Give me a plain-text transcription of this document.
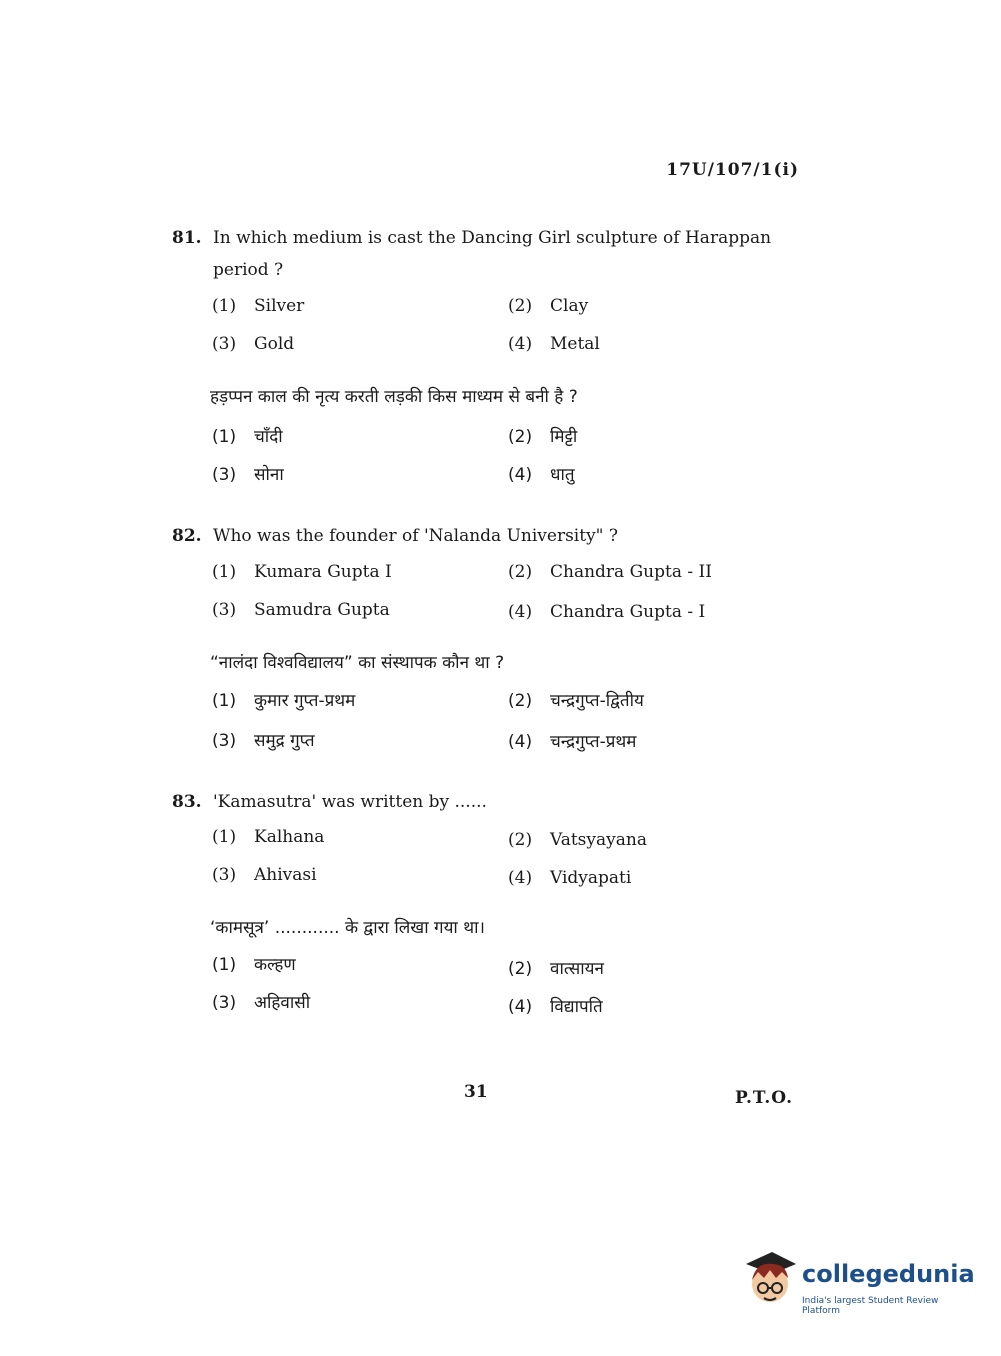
17U/107/1(i)
81. In which medium is cast the Dancing Girl sculpture of Harappan period ?
(1) Silver	(2) Clay
(3) Gold	(4) Metal
हड़प्पन काल की नृत्य करती लड़की किस माध्यम से बनी है ?
(1) चाँदी	(2) मिट्टी
(3) सोना	(4) धातु
82. Who was the founder of 'Nalanda University" ?
(1) Kumara Gupta I	(2) Chandra Gupta - II
(3) Samudra Gupta	(4) Chandra Gupta - I
“नालंदा विश्वविद्यालय” का संस्थापक कौन था ?
(1) कुमार गुप्त-प्रथम	(2) चन्द्रगुप्त-द्वितीय
(3) समुद्र गुप्त	(4) चन्द्रगुप्त-प्रथम
83. 'Kamasutra' was written by ......
(1) Kalhana	(2) Vatsyayana
(3) Ahivasi	(4) Vidyapati
‘कामसूत्र’ ............ के द्वारा लिखा गया था।
(1) कल्हण	(2) वात्सायन
(3) अहिवासी	(4) विद्यापति
31	P.T.O.
collegedunia
India's largest Student Review Platform
